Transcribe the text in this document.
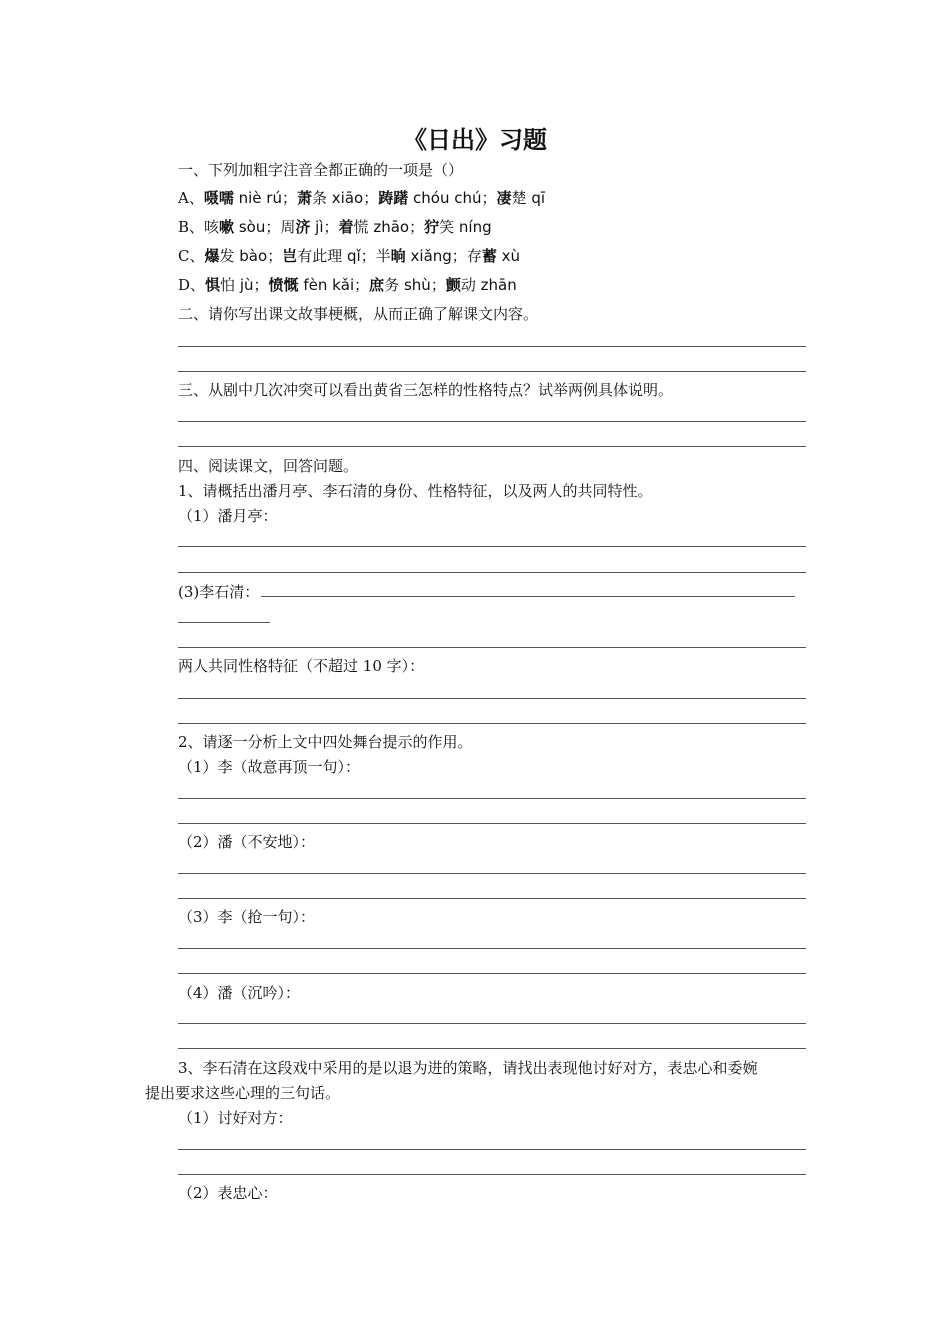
《日出》习题
一、下列加粗字注音全都正确的一项是（）
A、嗫嚅 niè rú；萧条 xiāo；踌躇 chóu chú；凄楚 qī
B、咳嗽 sòu；周济 jì；着慌 zhāo；狞笑 níng
C、爆发 bào；岂有此理 qǐ；半晌 xiǎng；存蓄 xù
D、惧怕 jù；愤慨 fèn kǎi；庶务 shù；颤动 zhān
二、请你写出课文故事梗概，从而正确了解课文内容。
三、从剧中几次冲突可以看出黄省三怎样的性格特点？试举两例具体说明。
四、阅读课文，回答问题。
1、请概括出潘月亭、李石清的身份、性格特征，以及两人的共同特性。
（1）潘月亭：
(3)李石清：
两人共同性格特征（不超过 10 字）：
2、请逐一分析上文中四处舞台提示的作用。
（1）李（故意再顶一句）：
（2）潘（不安地）：
（3）李（抢一句）：
（4）潘（沉吟）：
3、李石清在这段戏中采用的是以退为进的策略，请找出表现他讨好对方，表忠心和委婉
提出要求这些心理的三句话。
（1）讨好对方：
（2）表忠心：
